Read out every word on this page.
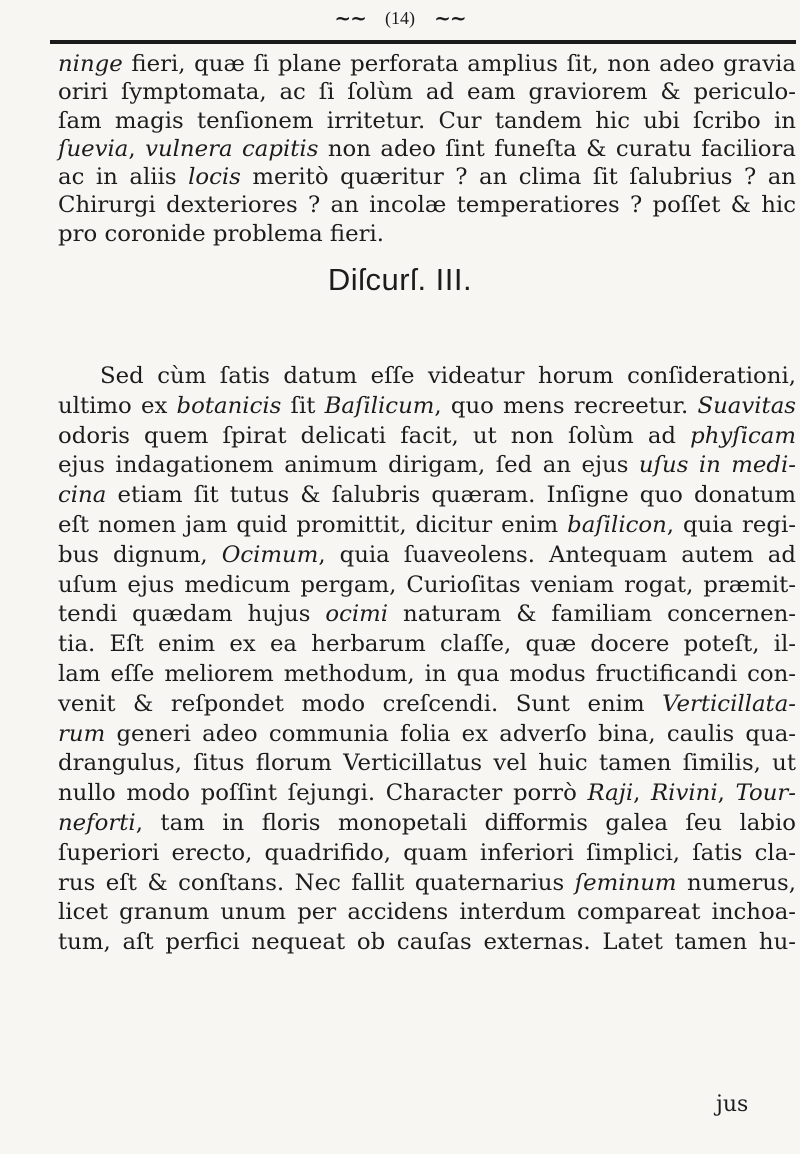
~~ (14) ~~
ninge fieri, quæ ſi plane perforata amplius ſit, non adeo gravia
oriri ſymptomata, ac ſi ſolùm ad eam graviorem & periculo-
ſam magis tenſionem irritetur. Cur tandem hic ubi ſcribo in
ſuevia, vulnera capitis non adeo ſint funeſta & curatu faciliora
ac in aliis locis meritò quæritur ? an clima ſit ſalubrius ? an
Chirurgi dexteriores ? an incolæ temperatiores ? poſſet & hic
pro coronide problema fieri.
Diſcurſ. III.
Sed cùm ſatis datum eſſe videatur horum conſiderationi,
ultimo ex botanicis ſit Baſilicum, quo mens recreetur. Suavitas
odoris quem ſpirat delicati facit, ut non ſolùm ad phyſicam
ejus indagationem animum dirigam, ſed an ejus uſus in medi-
cina etiam ſit tutus & ſalubris quæram. Inſigne quo donatum
eſt nomen jam quid promittit, dicitur enim baſilicon, quia regi-
bus dignum, Ocimum, quia ſuaveolens. Antequam autem ad
uſum ejus medicum pergam, Curioſitas veniam rogat, præmit-
tendi quædam hujus ocimi naturam & familiam concernen-
tia. Eſt enim ex ea herbarum claſſe, quæ docere poteſt, il-
lam eſſe meliorem methodum, in qua modus fructificandi con-
venit & reſpondet modo creſcendi. Sunt enim Verticillata-
rum generi adeo communia folia ex adverſo bina, caulis qua-
drangulus, ſitus florum Verticillatus vel huic tamen ſimilis, ut
nullo modo poſſint ſejungi. Character porrò Raji, Rivini, Tour-
neforti, tam in floris monopetali difformis galea ſeu labio
ſuperiori erecto, quadrifido, quam inferiori ſimplici, ſatis cla-
rus eſt & conſtans. Nec fallit quaternarius ſeminum numerus,
licet granum unum per accidens interdum compareat inchoa-
tum, aſt perfici nequeat ob cauſas externas. Latet tamen hu-
jus
